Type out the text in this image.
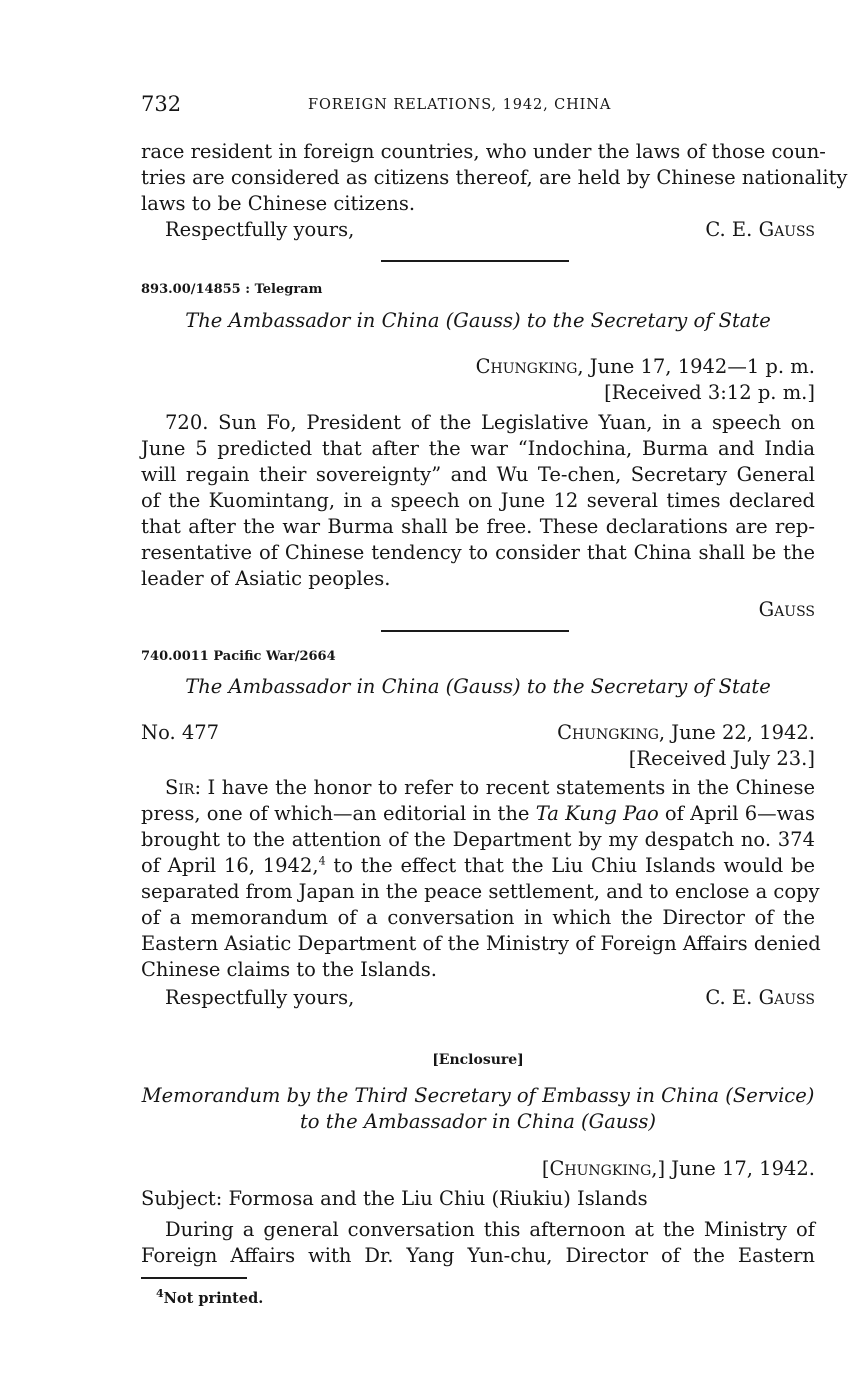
732	FOREIGN RELATIONS, 1942, CHINA
race resident in foreign countries, who under the laws of those coun-
tries are considered as citizens thereof, are held by Chinese nationality
laws to be Chinese citizens.
Respectfully yours,	C. E. Gauss
893.00/14855 : Telegram
The Ambassador in China (Gauss) to the Secretary of State
Chungking, June 17, 1942—1 p. m.
[Received 3:12 p. m.]
720. Sun Fo, President of the Legislative Yuan, in a speech on
June 5 predicted that after the war “Indochina, Burma and India
will regain their sovereignty” and Wu Te-chen, Secretary General
of the Kuomintang, in a speech on June 12 several times declared
that after the war Burma shall be free. These declarations are rep-
resentative of Chinese tendency to consider that China shall be the
leader of Asiatic peoples.
Gauss
740.0011 Pacific War/2664
The Ambassador in China (Gauss) to the Secretary of State
No. 477	Chungking, June 22, 1942.
[Received July 23.]
Sir: I have the honor to refer to recent statements in the Chinese
press, one of which—an editorial in the Ta Kung Pao of April 6—was
brought to the attention of the Department by my despatch no. 374
of April 16, 1942,$^4$ to the effect that the Liu Chiu Islands would be
separated from Japan in the peace settlement, and to enclose a copy
of a memorandum of a conversation in which the Director of the
Eastern Asiatic Department of the Ministry of Foreign Affairs denied
Chinese claims to the Islands.
Respectfully yours,	C. E. Gauss
[Enclosure]
Memorandum by the Third Secretary of Embassy in China (Service)
to the Ambassador in China (Gauss)
[Chungking,] June 17, 1942.
Subject: Formosa and the Liu Chiu (Riukiu) Islands
During a general conversation this afternoon at the Ministry of
Foreign Affairs with Dr. Yang Yun-chu, Director of the Eastern
$^4$Not printed.
